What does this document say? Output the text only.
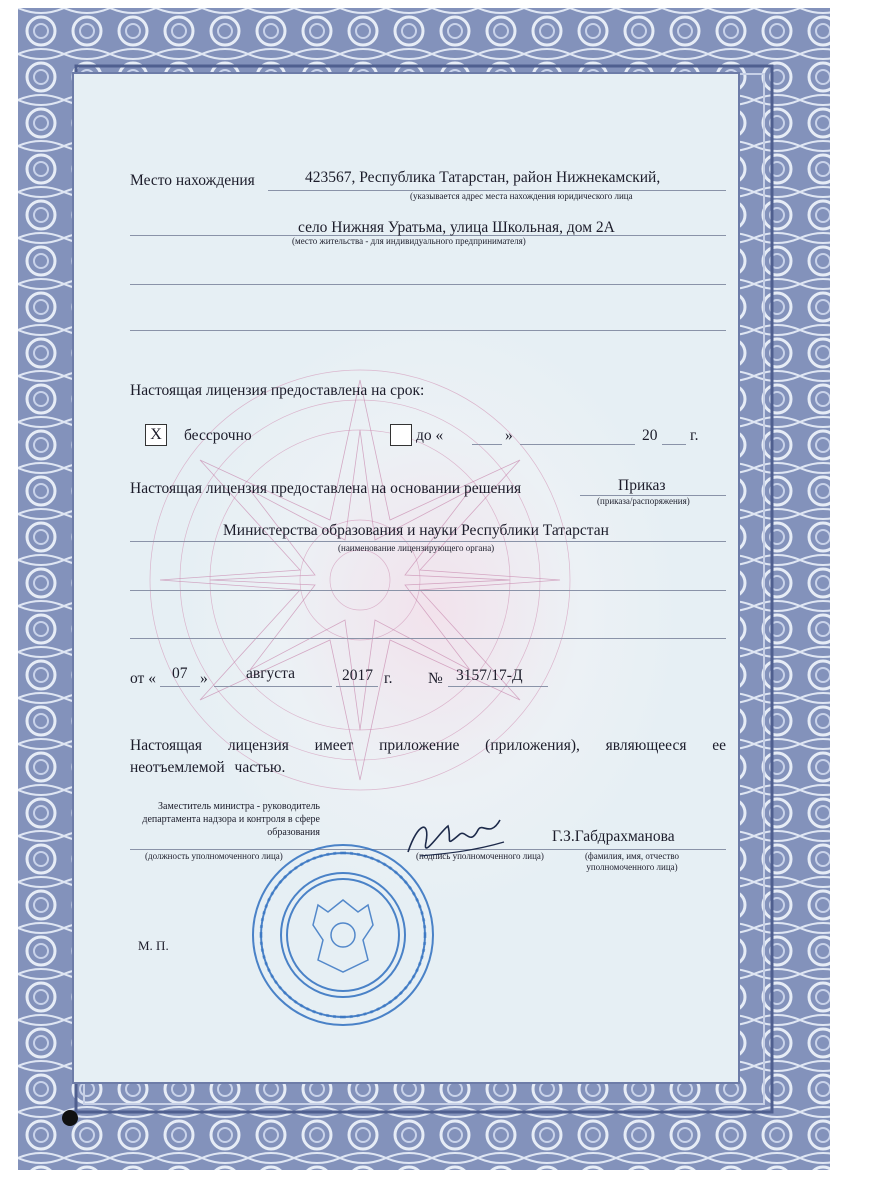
Место нахождения	423567, Республика Татарстан, район Нижнекамский,
(указывается адрес места нахождения юридического лица
село Нижняя Уратьма, улица Школьная, дом 2А
(место жительства - для индивидуального предпринимателя)
Настоящая лицензия предоставлена на срок:
X	бессрочно	до «	»	20 г.
Настоящая лицензия предоставлена на основании решения	Приказ
(приказа/распоряжения)
Министерства образования и науки Республики Татарстан
(наименование лицензирующего органа)
от « 07 » августа	2017 г. № 3157/17-Д
Настоящая лицензия имеет приложение (приложения), являющееся ее неотъемлемой частью.
Заместитель министра - руководитель департамента надзора и контроля в сфере образования
(должность уполномоченного лица)	(подпись уполномоченного лица)
Г.З.Габдрахманова
(фамилия, имя, отчество уполномоченного лица)
М. П.
